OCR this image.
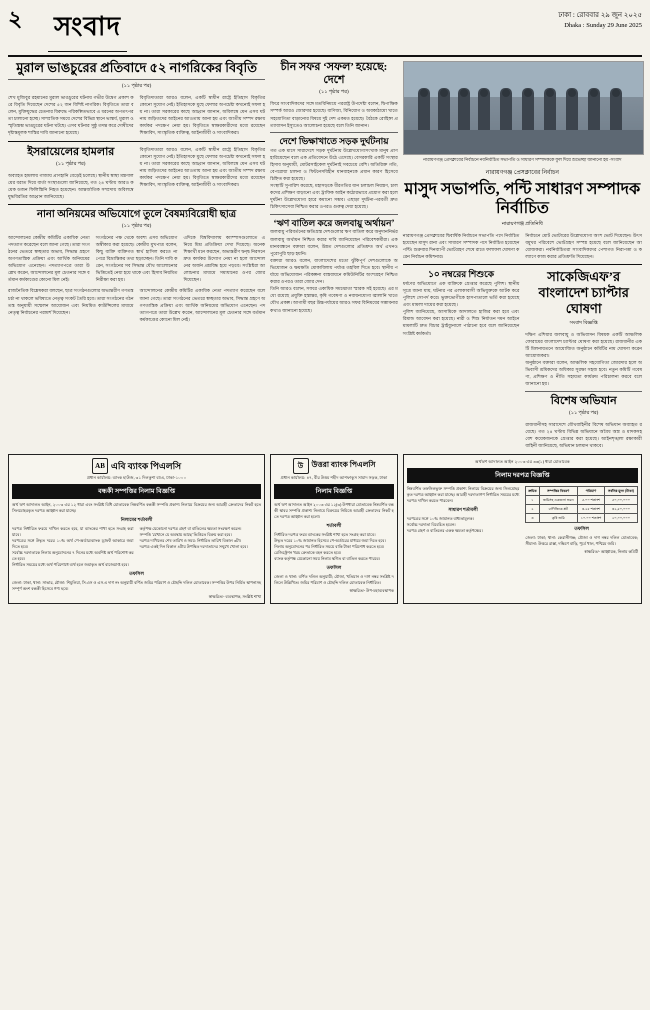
২	সংবাদ	ঢাকা : রোববার ২৯ জুন ২০২৫
Dhaka : Sunday 29 June 2025
মুরাল ভাঙচুরের প্রতিবাদে ৫২ নাগরিকের বিবৃতি
(১১ পৃষ্ঠার পর)
শেখ মুজিবুর রহমানের মুরাল ভাঙচুরের ঘটনায় গভীর উদ্বেগ প্রকাশ করে বিবৃতি দিয়েছেন দেশের ৫২ জন বিশিষ্ট নাগরিক। বিবৃতিতে তারা বলেন, মুক্তিযুদ্ধের চেতনার বিরুদ্ধে পরিকল্পিতভাবে এ ধরনের অপতৎপরতা চালানো হচ্ছে। সাম্প্রতিক সময়ে দেশের বিভিন্ন স্থানে ভাস্কর্য, মুরাল ও স্মৃতিস্তম্ভ ভাঙচুরের ঘটনা ঘটছে। এসব ঘটনার সুষ্ঠু তদন্ত করে দোষীদের দৃষ্টান্তমূলক শাস্তির দাবি জানানো হয়েছে।
বিবৃতিদাতারা আরও বলেন, একটি স্বাধীন রাষ্ট্রে ইতিহাস বিকৃতির কোনো সুযোগ নেই। ইতিহাসকে মুছে ফেলার অপচেষ্টা কখনোই সফল হয় না। তারা সরকারের কাছে আহ্বান জানান, অবিলম্বে যেন এসব ঘটনায় জড়িতদের আইনের আওতায় আনা হয় এবং জাতীয় সম্পদ রক্ষায় কার্যকর পদক্ষেপ নেয়া হয়। বিবৃতিতে স্বাক্ষরকারীদের মধ্যে রয়েছেন শিক্ষাবিদ, সাংস্কৃতিক ব্যক্তিত্ব, আইনজীবী ও সাংবাদিকরা।
ইসরায়েলের হামলার
(১১ পৃষ্ঠার পর)
অব্যাহত হামলায় গাজায় প্রাণহানি বেড়েই চলেছে। স্থানীয় স্বাস্থ্য মন্ত্রণালয়ের বরাত দিয়ে বার্তা সংস্থাগুলো জানিয়েছে, গত ২৪ ঘণ্টায় আরও কয়েক ডজন ফিলিস্তিনি নিহত হয়েছেন। আন্তর্জাতিক সম্প্রদায় অবিলম্বে যুদ্ধবিরতির আহ্বান জানিয়েছে।
বিবৃতিদাতারা আরও বলেন, একটি স্বাধীন রাষ্ট্রে ইতিহাস বিকৃতির কোনো সুযোগ নেই। ইতিহাসকে মুছে ফেলার অপচেষ্টা কখনোই সফল হয় না। তারা সরকারের কাছে আহ্বান জানান, অবিলম্বে যেন এসব ঘটনায় জড়িতদের আইনের আওতায় আনা হয় এবং জাতীয় সম্পদ রক্ষায় কার্যকর পদক্ষেপ নেয়া হয়। বিবৃতিতে স্বাক্ষরকারীদের মধ্যে রয়েছেন শিক্ষাবিদ, সাংস্কৃতিক ব্যক্তিত্ব, আইনজীবী ও সাংবাদিকরা।
নানা অনিয়মের অভিযোগে তুলে বৈষম্যবিরোধী ছাত্র
(১১ পৃষ্ঠার পর)
আন্দোলনের কেন্দ্রীয় কমিটির একাধিক নেতা পদত্যাগ করেছেন বলে জানা গেছে। তারা সংগঠনের ভেতরে স্বচ্ছতার অভাব, সিদ্ধান্ত গ্রহণে অগণতান্ত্রিক প্রক্রিয়া এবং আর্থিক অনিয়মের অভিযোগ এনেছেন। পদত্যাগপত্রে তারা উল্লেখ করেন, আন্দোলনের মূল চেতনার সঙ্গে বর্তমান কর্মকাণ্ডের কোনো মিল নেই।
সংগঠনের পক্ষ থেকে অবশ্য এসব অভিযোগ অস্বীকার করা হয়েছে। কেন্দ্রীয় মুখপাত্র বলেন, কিছু ব্যক্তি ব্যক্তিগত স্বার্থ হাসিল করতে না পেরে বিভ্রান্তিকর তথ্য ছড়াচ্ছেন। তিনি দাবি করেন, সংগঠনের সব সিদ্ধান্ত যৌথ আলোচনার ভিত্তিতেই নেয়া হয়ে থাকে এবং হিসাব নিয়মিত নিরীক্ষা করা হয়।
এদিকে বিশ্ববিদ্যালয় ক্যাম্পাসগুলোতে এ নিয়ে মিশ্র প্রতিক্রিয়া দেখা দিয়েছে। অনেক শিক্ষার্থী মনে করছেন, অভ্যন্তরীণ দ্বন্দ্ব নিরসনে দ্রুত কার্যকর উদ্যোগ নেয়া না হলে আন্দোলনের অর্জন প্রশ্নবিদ্ধ হয়ে পড়বে। সংশ্লিষ্টরা আলোচনার মাধ্যমে সমাধানের ওপর জোর দিয়েছেন।
রাজনৈতিক বিশ্লেষকরা বলছেন, ছাত্র সংগঠনগুলোর অভ্যন্তরীণ গণতন্ত্র চর্চা না থাকলে ভবিষ্যতে নেতৃত্ব সংকট তৈরি হবে। তারা সংগঠনের গঠনতন্ত্র অনুযায়ী সম্মেলন আয়োজন এবং নিয়মিত কাউন্সিলের মাধ্যমে নেতৃত্ব নির্বাচনের পরামর্শ দিয়েছেন।
আন্দোলনের কেন্দ্রীয় কমিটির একাধিক নেতা পদত্যাগ করেছেন বলে জানা গেছে। তারা সংগঠনের ভেতরে স্বচ্ছতার অভাব, সিদ্ধান্ত গ্রহণে অগণতান্ত্রিক প্রক্রিয়া এবং আর্থিক অনিয়মের অভিযোগ এনেছেন। পদত্যাগপত্রে তারা উল্লেখ করেন, আন্দোলনের মূল চেতনার সঙ্গে বর্তমান কর্মকাণ্ডের কোনো মিল নেই।
চীন সফর ‘সফল’ হয়েছে: দেশে
(১১ পৃষ্ঠার পর)
ফিরে সাংবাদিকদের সঙ্গে মতবিনিময়ে পররাষ্ট্র উপদেষ্টা বলেন, দ্বিপাক্ষিক সম্পর্ক আরও জোরদার হয়েছে। বাণিজ্য, বিনিয়োগ ও অবকাঠামো খাতে সহযোগিতা বাড়ানোর বিষয়ে দুই দেশ একমত হয়েছে। বৈঠকে রোহিঙ্গা প্রত্যাবাসন ইস্যুতেও আলোচনা হয়েছে বলে তিনি জানান।
দেশে ভিক্ষাখাতে সড়ক দুর্ঘটনায়
গত এক মাসে সারাদেশে সড়ক দুর্ঘটনায় উল্লেখযোগ্যসংখ্যক মানুষ প্রাণ হারিয়েছেন বলে এক প্রতিবেদনে উঠে এসেছে। বেসরকারি একটি সংস্থার হিসাব অনুযায়ী, মোটরসাইকেল দুর্ঘটনাই সবচেয়ে বেশি। অতিরিক্ত গতি, বেপরোয়া চালনা ও ফিটনেসবিহীন যানবাহনকে প্রধান কারণ হিসেবে চিহ্নিত করা হয়েছে।
সংস্থাটি সুপারিশ করেছে, মহাসড়কে ধীরগতির যান চলাচল নিয়ন্ত্রণ, চালকদের প্রশিক্ষণ বাড়ানো এবং ট্রাফিক আইন কঠোরভাবে প্রয়োগ করা হলে দুর্ঘটনা উল্লেখযোগ্য হারে কমানো সম্ভব। এছাড়া দুর্ঘটনা-পরবর্তী দ্রুত চিকিৎসাসেবা নিশ্চিত করার ওপরও গুরুত্ব দেয়া হয়েছে।
‘ঋণ বাতিল করে জলবায়ু অর্থায়ন’
জলবায়ু পরিবর্তনের ক্ষতিগ্রস্ত দেশগুলোর ঋণ বাতিল করে অনুদাননির্ভর জলবায়ু অর্থায়ন নিশ্চিত করার দাবি জানিয়েছেন পরিবেশকর্মীরা। এক মানববন্ধনে বক্তারা বলেন, উন্নত দেশগুলোর প্রতিশ্রুত অর্থ এখনও পুরোপুরি ছাড় হয়নি।
বক্তারা আরও বলেন, বাংলাদেশের মতো ঝুঁকিপূর্ণ দেশগুলোকে অভিযোজন ও ক্ষয়ক্ষতি মোকাবিলায় পর্যাপ্ত তহবিল দিতে হবে। স্থানীয় পর্যায়ে অভিযোজন পরিকল্পনা বাস্তবায়নে কমিউনিটির অংশগ্রহণ নিশ্চিত করার ওপরও তারা জোর দেন।
তিনি আরও বলেন, সফরে একাধিক সমঝোতা স্মারক সই হয়েছে। এর মধ্যে রয়েছে প্রযুক্তি হস্তান্তর, কৃষি গবেষণা ও নবায়নযোগ্য জ্বালানি খাতে যৌথ প্রকল্প। আগামী বছর উচ্চপর্যায়ের আরও সফর বিনিময়ের সম্ভাবনার কথাও জানানো হয়েছে।
নারায়ণগঞ্জ প্রেসক্লাবের নির্বাচনে নবনির্বাচিত সভাপতি ও সাধারণ সম্পাদককে ফুল দিয়ে শুভেচ্ছা জানানো হয় -সংবাদ
নারায়ণগঞ্জ প্রেসক্লাবের নির্বাচন
মাসুদ সভাপতি, পন্টি সাধারণ সম্পাদক নির্বাচিত
নারায়ণগঞ্জ প্রতিনিধি
নারায়ণগঞ্জ প্রেসক্লাবের দ্বিবার্ষিক নির্বাচনে সভাপতি পদে নির্বাচিত হয়েছেন মাসুদ রানা এবং সাধারণ সম্পাদক পদে নির্বাচিত হয়েছেন পন্টি। শুক্রবার দিনব্যাপী ভোটগ্রহণ শেষে রাতে ফলাফল ঘোষণা করেন নির্বাচন কমিশনার।
নির্বাচনে মোট ভোটারের উল্লেখযোগ্য অংশ ভোট দিয়েছেন। উৎসবমুখর পরিবেশে ভোটগ্রহণ সম্পন্ন হয়েছে বলে জানিয়েছেন আয়োজকরা। নবনির্বাচিতরা সাংবাদিকদের পেশাগত নিরাপত্তা ও কল্যাণে কাজ করার প্রতিশ্রুতি দিয়েছেন।
১০ নম্বরের শিশুকে
ধর্ষণের অভিযোগে এক ব্যক্তিকে গ্রেপ্তার করেছে পুলিশ। স্থানীয় সূত্রে জানা যায়, ঘটনার পর এলাকাবাসী অভিযুক্তকে আটক করে পুলিশে সোপর্দ করে। ভুক্তভোগীকে হাসপাতালে ভর্তি করা হয়েছে এবং মামলা দায়ের করা হয়েছে।
পুলিশ জানিয়েছে, আসামিকে আদালতে হাজির করা হবে এবং রিমান্ড আবেদন করা হয়েছে। নারী ও শিশু নির্যাতন দমন আইনে মামলাটি দ্রুত বিচার ট্রাইব্যুনালে পাঠানো হবে বলে জানিয়েছেন সংশ্লিষ্ট কর্মকর্তা।
সাকেজিএফ’র বাংলাদেশ চ্যাপ্টার ঘোষণা
সংবাদ বিজ্ঞপ্তি
দক্ষিণ এশিয়ার জলবায়ু ও অভিবাসন বিষয়ক একটি আঞ্চলিক ফোরামের বাংলাদেশ চ্যাপ্টার ঘোষণা করা হয়েছে। রাজধানীর একটি মিলনায়তনে আয়োজিত অনুষ্ঠানে কমিটির নাম ঘোষণা করেন আয়োজকরা।
অনুষ্ঠানে বক্তারা বলেন, আঞ্চলিক সহযোগিতা জোরদার হলে অভিবাসী শ্রমিকদের অধিকার সুরক্ষা সহজ হবে। নতুন কমিটি গবেষণা, প্রশিক্ষণ ও নীতি সহায়তা কার্যক্রম পরিচালনা করবে বলে জানানো হয়।
বিশেষ অভিযান
(১১ পৃষ্ঠার পর)
রাজধানীসহ সারাদেশে যৌথবাহিনীর বিশেষ অভিযান অব্যাহত রয়েছে। গত ২৪ ঘণ্টায় বিভিন্ন অভিযানে অবৈধ অস্ত্র ও মাদকসহ বেশ কয়েকজনকে গ্রেপ্তার করা হয়েছে। আইনশৃঙ্খলা রক্ষাকারী বাহিনী জানিয়েছে, অভিযান চলমান থাকবে।
AB এবি ব্যাংক পিএলসি
প্রধান কার্যালয়: ব্যাংক হাউজ, ৩১ দিলকুশা বা/এ, ঢাকা-১০০০
বন্ধকী সম্পত্তির নিলাম বিজ্ঞপ্তি
অর্থ ঋণ আদালত আইন, ২০০৩ এর ১২ ধারা এবং সংশ্লিষ্ট বিধি মোতাবেক নিম্নবর্ণিত বন্ধকী সম্পত্তি প্রকাশ্য নিলামে বিক্রয়ের জন্য আগ্রহী ক্রেতাদের নিকট হতে সিলমোহরকৃত দরপত্র আহ্বান করা যাচ্ছে।
নিলামের শর্তাবলী
দরপত্র নির্ধারিত ফরমে দাখিল করতে হবে, যা ব্যাংকের শাখা হতে সংগ্রহ করা যাবে।
দরপত্রের সঙ্গে উদ্ধৃত দরের ১০% অর্থ পে-অর্ডার/ব্যাংক ড্রাফট আকারে জমা দিতে হবে।
সর্বোচ্চ দরদাতাকে নিলাম অনুমোদনের ৭ দিনের মধ্যে অবশিষ্ট অর্থ পরিশোধ করতে হবে।
নির্ধারিত সময়ের মধ্যে অর্থ পরিশোধে ব্যর্থ হলে জমাকৃত অর্থ বাজেয়াপ্ত হবে।
কর্তৃপক্ষ যেকোনো দরপত্র গ্রহণ বা বাতিলের ক্ষমতা সংরক্ষণ করেন।
সম্পত্তি 'যেখানে যে অবস্থায় আছে' ভিত্তিতে বিক্রয় করা হবে।
দরপত্র দাখিলের শেষ তারিখ ও সময়: নির্ধারিত তারিখ বিকাল ৩টা।
দরপত্র একই দিন বিকাল ৪টায় উপস্থিত দরদাতাদের সম্মুখে খোলা হবে।
তফসিল
জেলা: ঢাকা, থানা: সাভার, মৌজা: শিমুলিয়া, সি.এস ও এস.এ দাগ নং অনুযায়ী বর্ণিত জমির পরিমাণ ও চৌহদ্দি দলিল মোতাবেক। সম্পত্তির উপর নির্মিত স্থাপনাসহ সম্পূর্ণ অংশ বন্ধকী হিসেবে গণ্য হবে।
স্বাক্ষরিত/- ব্যবস্থাপক, সংশ্লিষ্ট শাখা
উ	উত্তরা ব্যাংক পিএলসি
প্রধান কার্যালয়: ৪৭, বীর উত্তম শহীদ আশফাকুস সামাদ সড়ক, ঢাকা
নিলাম বিজ্ঞপ্তি
অর্থ ঋণ আদালত আইন ২০০৩ এর ১২(৩) উপধারা মোতাবেক নিম্নবর্ণিত বন্ধকী স্থাবর সম্পত্তি প্রকাশ্য নিলামে বিক্রয়ের নিমিত্তে আগ্রহী ক্রেতাদের নিকট হতে দরপত্র আহ্বান করা হলো।
শর্তাবলী
নির্ধারিত দরপত্র ফরম ব্যাংকের সংশ্লিষ্ট শাখা হতে সংগ্রহ করা যাবে।
উদ্ধৃত দরের ১০% জামানত হিসেবে পে-অর্ডারের মাধ্যমে জমা দিতে হবে।
নিলাম অনুমোদনের পর নির্ধারিত সময়ে বাকি টাকা পরিশোধ করতে হবে।
রেজিস্ট্রেশন খরচ ক্রেতাকে বহন করতে হবে।
ব্যাংক কর্তৃপক্ষ যেকোনো সময় নিলাম স্থগিত বা বাতিল করতে পারবে।
তফসিল
জেলা ও থানা: বর্ণিত দলিল অনুযায়ী; মৌজা, খতিয়ান ও দাগ নম্বর সংশ্লিষ্ট দলিলে উল্লিখিত। জমির পরিমাণ ও চৌহদ্দি দলিল মোতাবেক নির্ধারিত।
স্বাক্ষরিত/- উপ-মহাব্যবস্থাপক
অর্থঋণ আদালত আইন ২০০৩ এর ৩৩(১) ধারা মোতাবেক
নিলাম দরপত্র বিজ্ঞপ্তি
নিম্নবর্ণিত তফসিলভুক্ত সম্পত্তি প্রকাশ্য নিলামে বিক্রয়ের জন্য সিলমোহরকৃত দরপত্র আহ্বান করা যাচ্ছে। আগ্রহী দরদাতাগণ নির্ধারিত সময়ের মধ্যে দরপত্র দাখিল করতে পারবেন।
সাধারণ শর্তাবলী
দরপত্রের সঙ্গে ১০% জামানত বাধ্যতামূলক।
সর্বোচ্চ দরদাতা বিবেচিত হবেন।
দরপত্র গ্রহণ ও বাতিলের একক ক্ষমতা কর্তৃপক্ষের।
ক্রমিক	সম্পত্তির বিবরণ	পরিমাণ	সর্বনিম্ন মূল্য (টাকা)
১	জমিসহ একতলা ভবন	৫.০০ শতাংশ	৫০,০০,০০০
২	বাণিজ্যিক প্লট	৩.২৫ শতাংশ	৩২,৫০,০০০
৩	কৃষি জমি	১০.০০ শতাংশ	২০,০০,০০০
তফসিল
জেলা: ঢাকা; থানা: কেরানীগঞ্জ; মৌজা ও দাগ নম্বর দলিল মোতাবেক; সীমানা: উত্তরে রাস্তা, দক্ষিণে বাড়ি, পূর্বে খাল, পশ্চিমে জমি।
স্বাক্ষরিত/- আহ্বায়ক, নিলাম কমিটি
